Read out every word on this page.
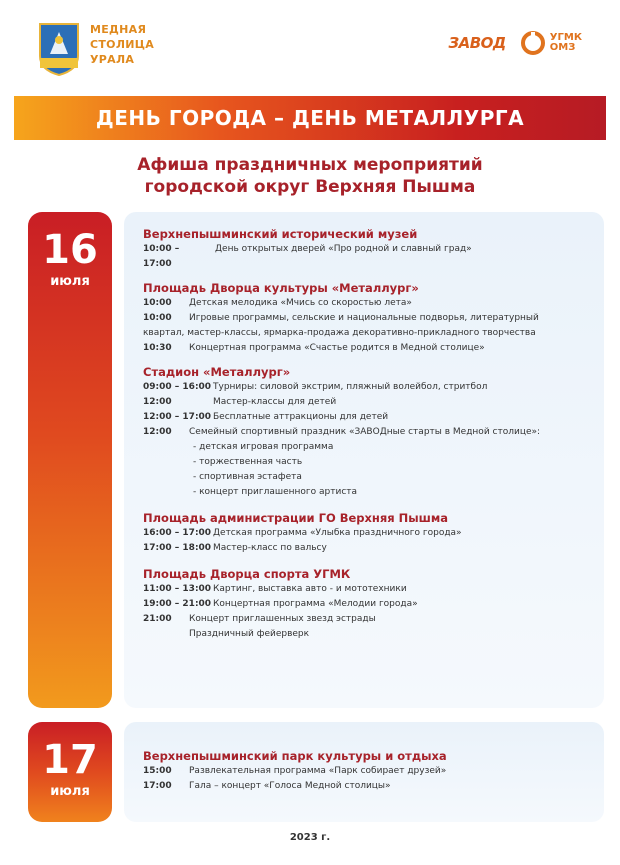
МЕДНАЯ
СТОЛИЦА
УРАЛА
ЗАВОД	УГМК
ОМЗ
ДЕНЬ ГОРОДА – ДЕНЬ МЕТАЛЛУРГА
Афиша праздничных мероприятий
городской округ Верхняя Пышма
16
июля
Верхнепышминский исторический музей
10:00 – 17:00
День открытых дверей «Про родной и славный град»
Площадь Дворца культуры «Металлург»
10:00	Детская мелодика «Мчись со скоростью лета»
10:00	Игровые программы, сельские и национальные подворья, литературный
квартал, мастер-классы, ярмарка-продажа декоративно-прикладного творчества
10:30	Концертная программа «Счастье родится в Медной столице»
Стадион «Металлург»
09:00 – 16:00 Турниры: силовой экстрим, пляжный волейбол, стритбол
12:00	Мастер-классы для детей
12:00 – 17:00 Бесплатные аттракционы для детей
12:00	Семейный спортивный праздник «ЗАВОДные старты в Медной столице»:
- детская игровая программа
- торжественная часть
- спортивная эстафета
- концерт приглашенного артиста
Площадь администрации ГО Верхняя Пышма
16:00 – 17:00 Детская программа «Улыбка праздничного города»
17:00 – 18:00 Мастер-класс по вальсу
Площадь Дворца спорта УГМК
11:00 – 13:00 Картинг, выставка авто - и мототехники
19:00 – 21:00 Концертная программа «Мелодии города»
21:00	Концерт приглашенных звезд эстрады
Праздничный фейерверк
17
июля
Верхнепышминский парк культуры и отдыха
15:00	Развлекательная программа «Парк собирает друзей»
17:00	Гала – концерт «Голоса Медной столицы»
2023 г.
